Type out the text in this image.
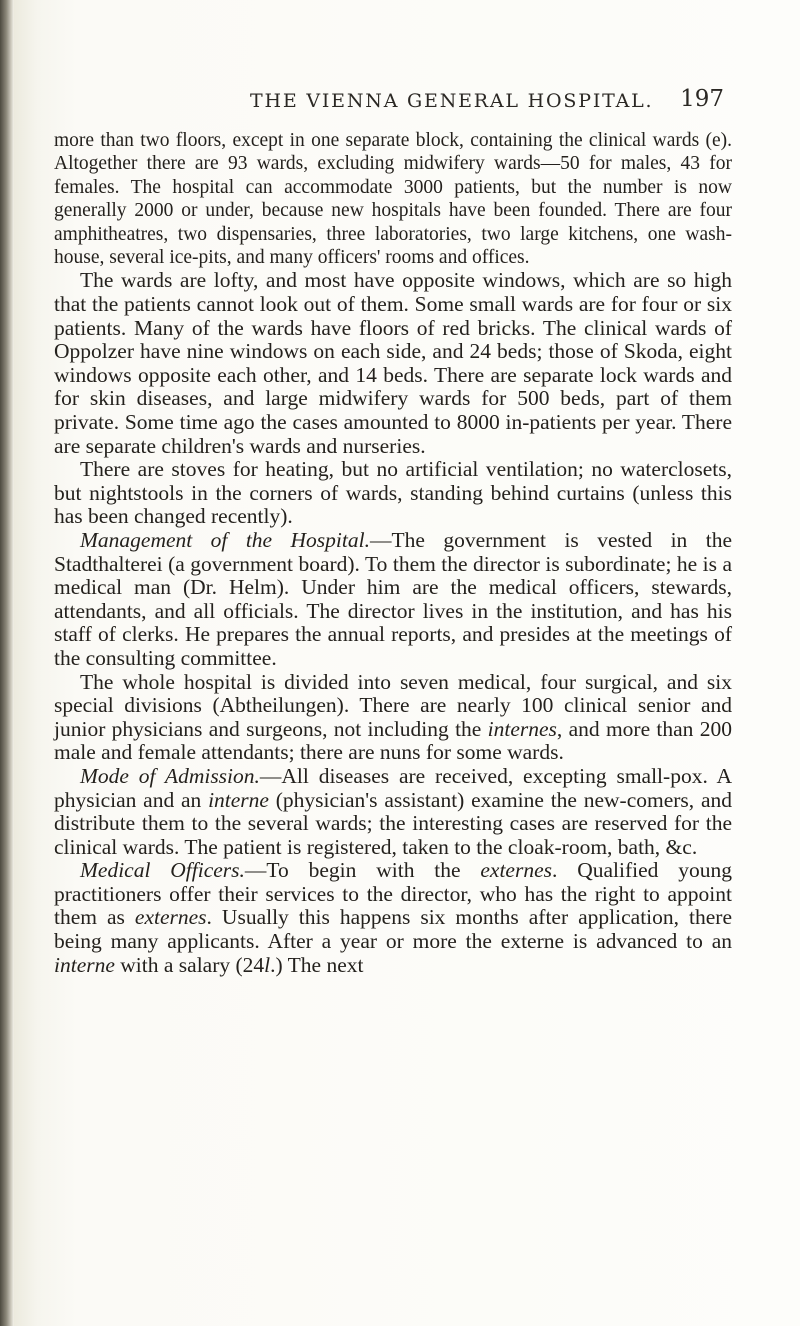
THE VIENNA GENERAL HOSPITAL. 197

more than two floors, except in one separate block, containing the clinical wards (e). Altogether there are 93 wards, excluding midwifery wards—50 for males, 43 for females. The hospital can accommodate 3000 patients, but the number is now generally 2000 or under, because new hospitals have been founded. There are four amphitheatres, two dispensaries, three laboratories, two large kitchens, one wash-house, several ice-pits, and many officers' rooms and offices.

The wards are lofty, and most have opposite windows, which are so high that the patients cannot look out of them. Some small wards are for four or six patients. Many of the wards have floors of red bricks. The clinical wards of Oppolzer have nine windows on each side, and 24 beds; those of Skoda, eight windows opposite each other, and 14 beds. There are separate lock wards and for skin diseases, and large midwifery wards for 500 beds, part of them private. Some time ago the cases amounted to 8000 in-patients per year. There are separate children's wards and nurseries.

There are stoves for heating, but no artificial ventilation; no waterclosets, but nightstools in the corners of wards, standing behind curtains (unless this has been changed recently).

Management of the Hospital.—The government is vested in the Stadthalterei (a government board). To them the director is subordinate; he is a medical man (Dr. Helm). Under him are the medical officers, stewards, attendants, and all officials. The director lives in the institution, and has his staff of clerks. He prepares the annual reports, and presides at the meetings of the consulting committee.

The whole hospital is divided into seven medical, four surgical, and six special divisions (Abtheilungen). There are nearly 100 clinical senior and junior physicians and surgeons, not including the internes, and more than 200 male and female attendants; there are nuns for some wards.

Mode of Admission.—All diseases are received, excepting small-pox. A physician and an interne (physician's assistant) examine the new-comers, and distribute them to the several wards; the interesting cases are reserved for the clinical wards. The patient is registered, taken to the cloak-room, bath, &c.

Medical Officers.—To begin with the externes. Qualified young practitioners offer their services to the director, who has the right to appoint them as externes. Usually this happens six months after application, there being many applicants. After a year or more the externe is advanced to an interne with a salary (24l.) The next
